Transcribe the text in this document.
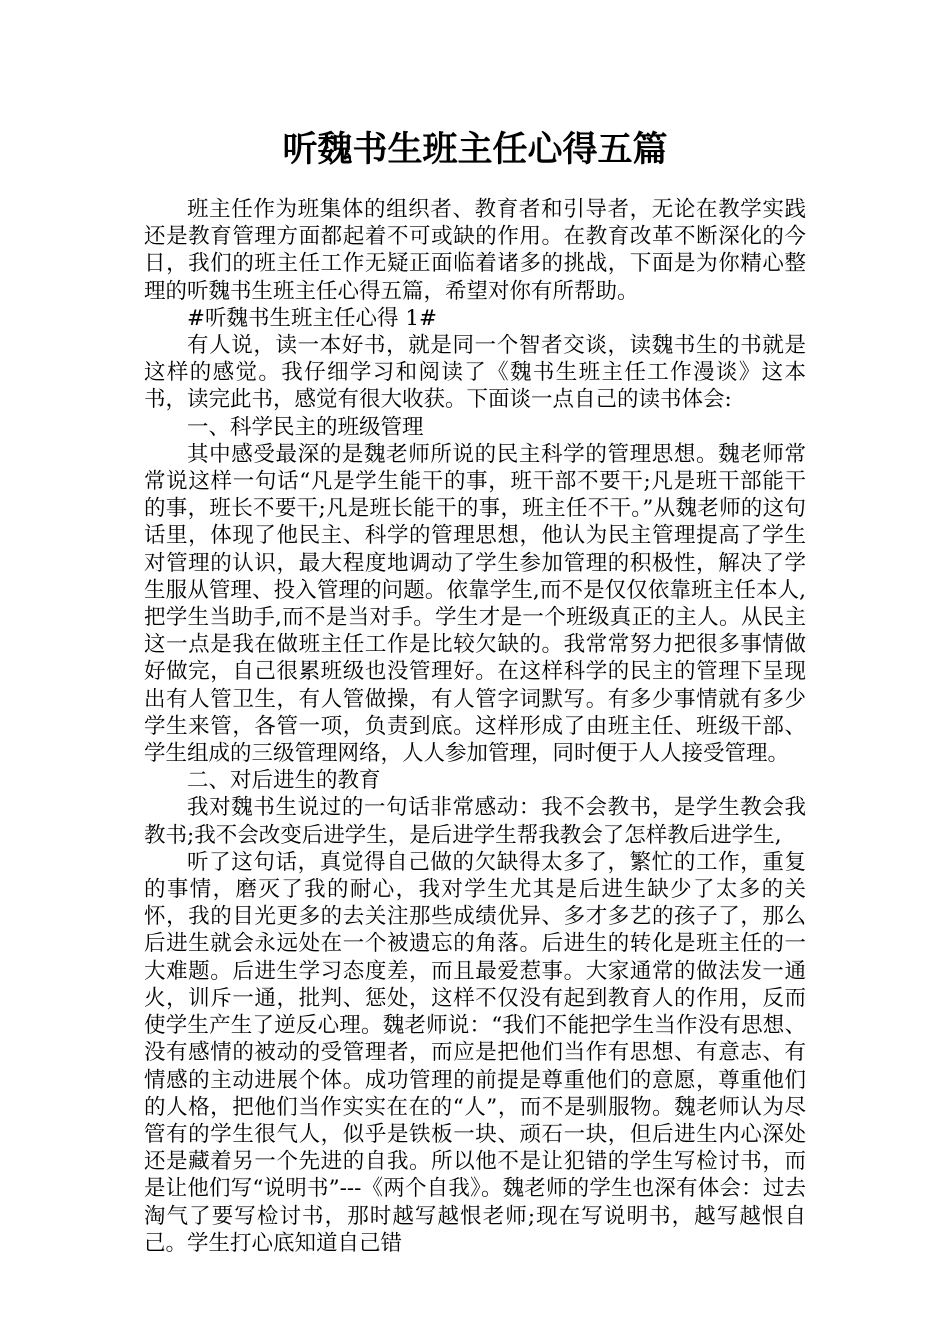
听魏书生班主任心得五篇

班主任作为班集体的组织者、教育者和引导者，无论在教学实践还是教育管理方面都起着不可或缺的作用。在教育改革不断深化的今日，我们的班主任工作无疑正面临着诸多的挑战，下面是为你精心整理的听魏书生班主任心得五篇，希望对你有所帮助。

#听魏书生班主任心得 1#

有人说，读一本好书，就是同一个智者交谈，读魏书生的书就是这样的感觉。我仔细学习和阅读了《魏书生班主任工作漫谈》这本书，读完此书，感觉有很大收获。下面谈一点自己的读书体会:

一、科学民主的班级管理

其中感受最深的是魏老师所说的民主科学的管理思想。魏老师常常说这样一句话“凡是学生能干的事，班干部不要干;凡是班干部能干的事，班长不要干;凡是班长能干的事，班主任不干。”从魏老师的这句话里，体现了他民主、科学的管理思想，他认为民主管理提高了学生对管理的认识，最大程度地调动了学生参加管理的积极性，解决了学生服从管理、投入管理的问题。依靠学生,而不是仅仅依靠班主任本人,把学生当助手,而不是当对手。学生才是一个班级真正的主人。从民主这一点是我在做班主任工作是比较欠缺的。我常常努力把很多事情做好做完，自己很累班级也没管理好。在这样科学的民主的管理下呈现出有人管卫生，有人管做操，有人管字词默写。有多少事情就有多少学生来管，各管一项，负责到底。这样形成了由班主任、班级干部、学生组成的三级管理网络，人人参加管理，同时便于人人接受管理。

二、对后进生的教育

我对魏书生说过的一句话非常感动：我不会教书，是学生教会我教书;我不会改变后进学生，是后进学生帮我教会了怎样教后进学生,

听了这句话，真觉得自己做的欠缺得太多了，繁忙的工作，重复的事情，磨灭了我的耐心，我对学生尤其是后进生缺少了太多的关怀，我的目光更多的去关注那些成绩优异、多才多艺的孩子了，那么后进生就会永远处在一个被遗忘的角落。后进生的转化是班主任的一大难题。后进生学习态度差，而且最爱惹事。大家通常的做法发一通火，训斥一通，批判、惩处，这样不仅没有起到教育人的作用，反而使学生产生了逆反心理。魏老师说：“我们不能把学生当作没有思想、没有感情的被动的受管理者，而应是把他们当作有思想、有意志、有情感的主动进展个体。成功管理的前提是尊重他们的意愿，尊重他们的人格，把他们当作实实在在的“人”，而不是驯服物。魏老师认为尽管有的学生很气人，似乎是铁板一块、顽石一块，但后进生内心深处还是藏着另一个先进的自我。所以他不是让犯错的学生写检讨书，而是让他们写“说明书”---《两个自我》。魏老师的学生也深有体会：过去淘气了要写检讨书，那时越写越恨老师;现在写说明书，越写越恨自己。学生打心底知道自己错
